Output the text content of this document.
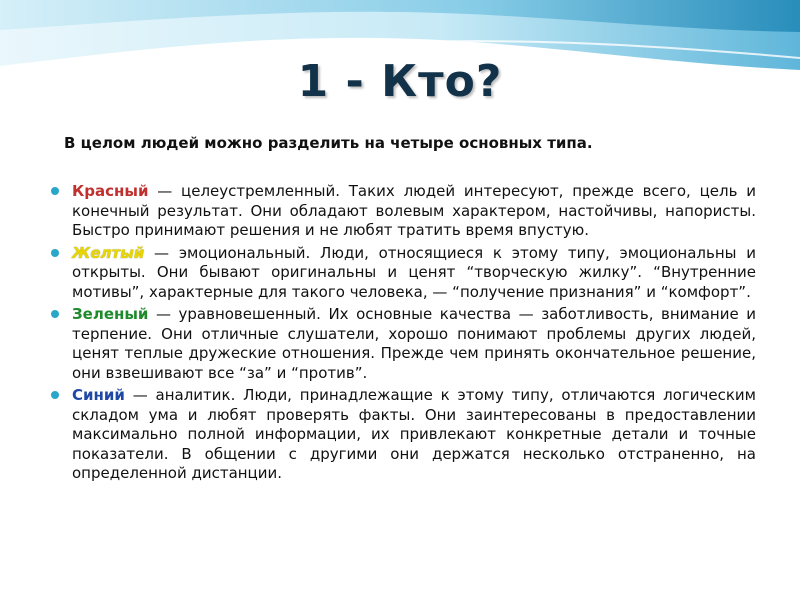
1 - Кто?
В целом людей можно разделить на четыре основных типа.
Красный — целеустремленный. Таких людей интересуют, прежде всего, цель и конечный результат. Они обладают волевым характером, настойчивы, напористы. Быстро принимают решения и не любят тратить время впустую.
Желтый — эмоциональный. Люди, относящиеся к этому типу, эмоциональны и открыты. Они бывают оригинальны и ценят “творческую жилку”. “Внутренние мотивы”, характерные для такого человека, — “получение признания” и “комфорт”.
Зеленый — уравновешенный. Их основные качества — заботливость, внимание и терпение. Они отличные слушатели, хорошо понимают проблемы других людей, ценят теплые дружеские отношения. Прежде чем принять окончательное решение, они взвешивают все “за” и “против”.
Синий — аналитик. Люди, принадлежащие к этому типу, отличаются логическим складом ума и любят проверять факты. Они заинтересованы в предоставлении максимально полной информации, их привлекают конкретные детали и точные показатели. В общении с другими они держатся несколько отстраненно, на определенной дистанции.
